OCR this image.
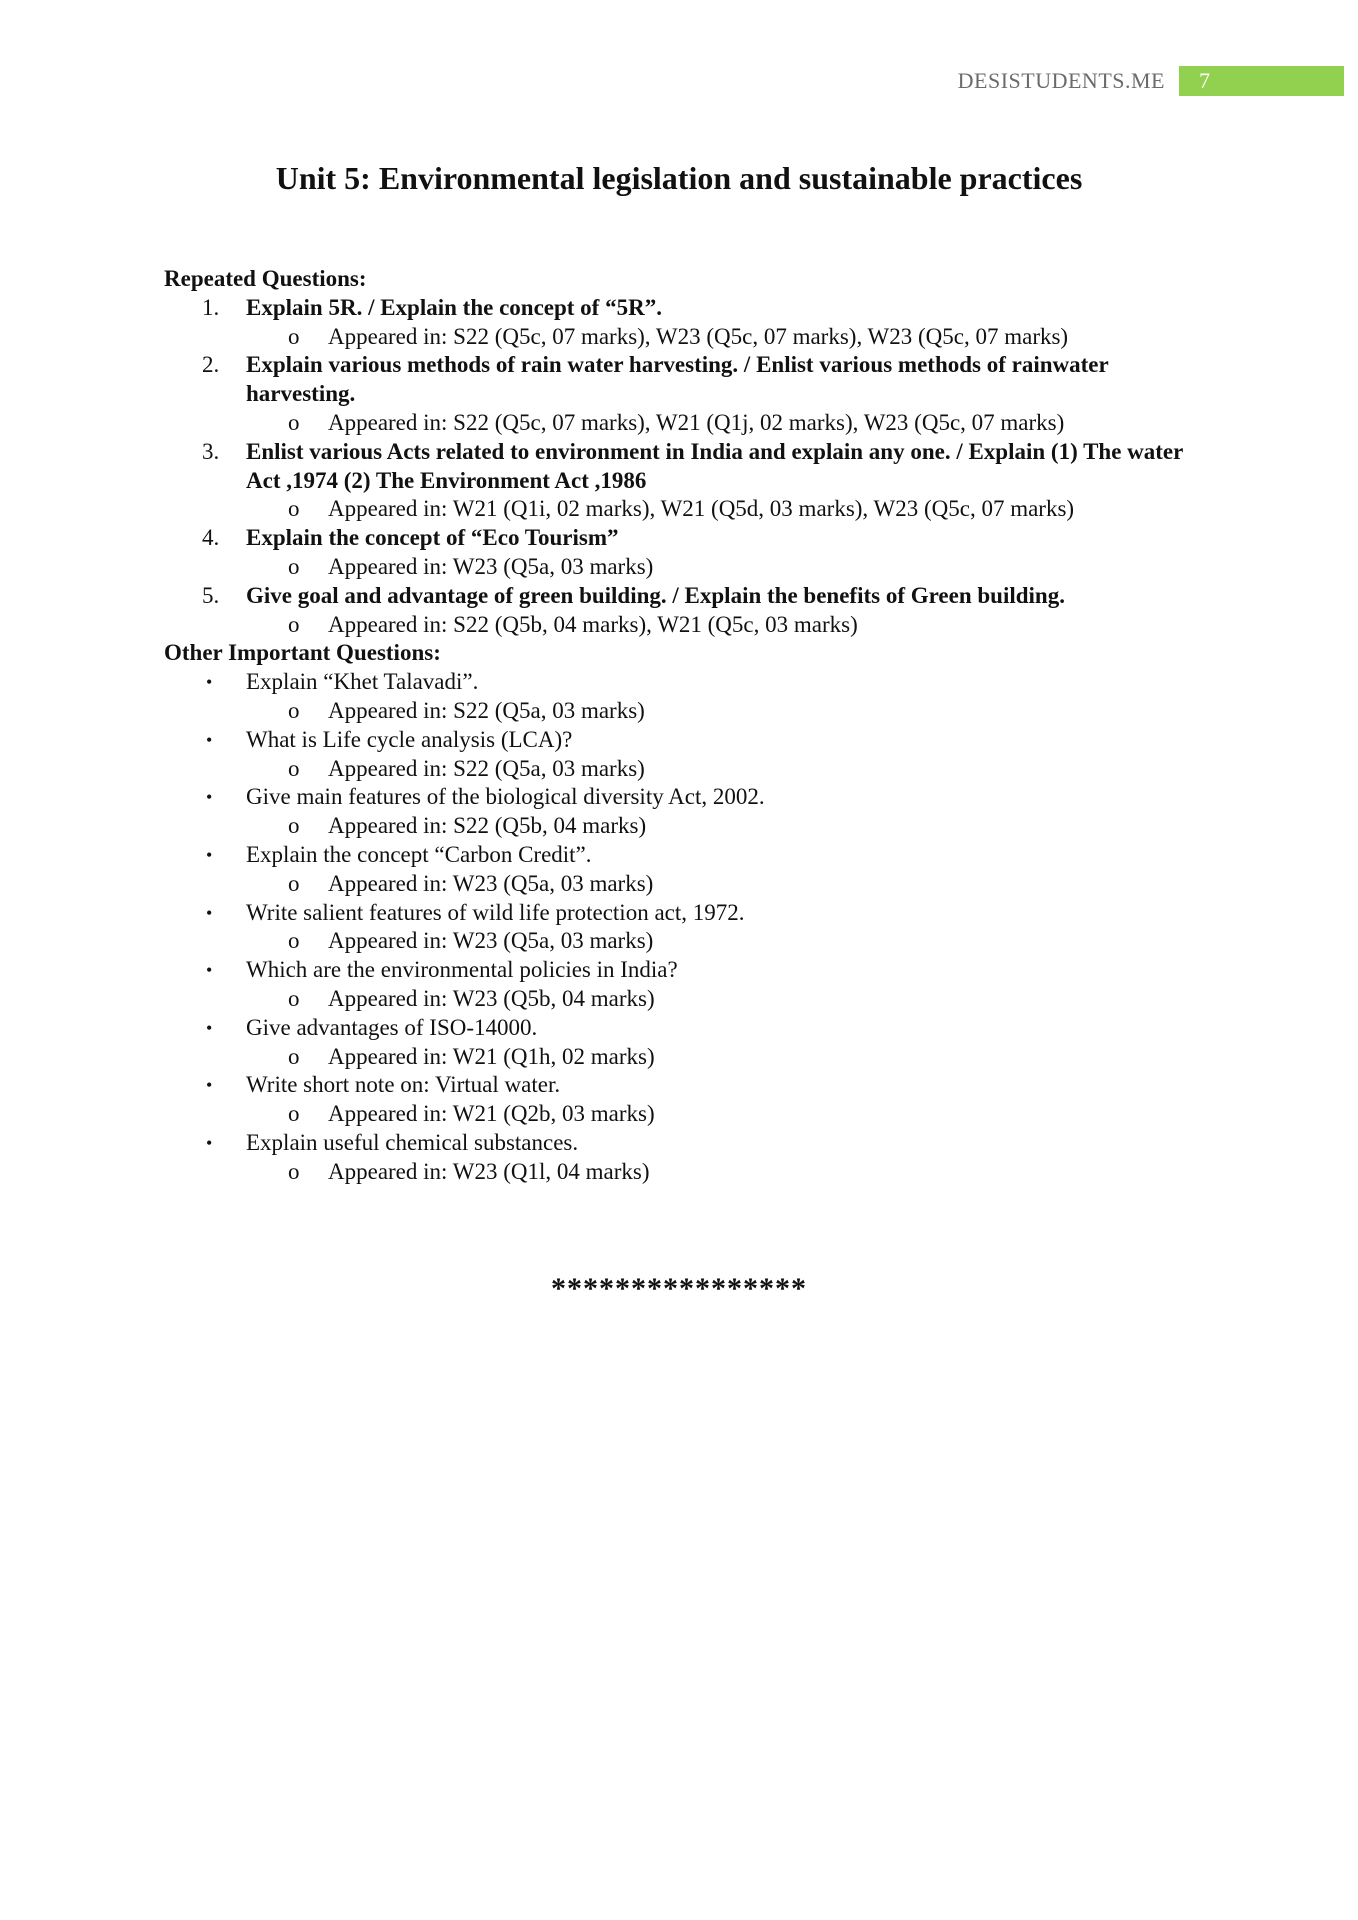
DESISTUDENTS.ME	7
Unit 5: Environmental legislation and sustainable practices
Repeated Questions:
1. Explain 5R. / Explain the concept of “5R”.
o Appeared in: S22 (Q5c, 07 marks), W23 (Q5c, 07 marks), W23 (Q5c, 07 marks)
2. Explain various methods of rain water harvesting. / Enlist various methods of rainwater harvesting.
o Appeared in: S22 (Q5c, 07 marks), W21 (Q1j, 02 marks), W23 (Q5c, 07 marks)
3. Enlist various Acts related to environment in India and explain any one. / Explain (1) The water Act ,1974 (2) The Environment Act ,1986
o Appeared in: W21 (Q1i, 02 marks), W21 (Q5d, 03 marks), W23 (Q5c, 07 marks)
4. Explain the concept of “Eco Tourism”
o Appeared in: W23 (Q5a, 03 marks)
5. Give goal and advantage of green building. / Explain the benefits of Green building.
o Appeared in: S22 (Q5b, 04 marks), W21 (Q5c, 03 marks)
Other Important Questions:
• Explain “Khet Talavadi”.
o Appeared in: S22 (Q5a, 03 marks)
• What is Life cycle analysis (LCA)?
o Appeared in: S22 (Q5a, 03 marks)
• Give main features of the biological diversity Act, 2002.
o Appeared in: S22 (Q5b, 04 marks)
• Explain the concept “Carbon Credit”.
o Appeared in: W23 (Q5a, 03 marks)
• Write salient features of wild life protection act, 1972.
o Appeared in: W23 (Q5a, 03 marks)
• Which are the environmental policies in India?
o Appeared in: W23 (Q5b, 04 marks)
• Give advantages of ISO-14000.
o Appeared in: W21 (Q1h, 02 marks)
• Write short note on: Virtual water.
o Appeared in: W21 (Q2b, 03 marks)
• Explain useful chemical substances.
o Appeared in: W23 (Q1l, 04 marks)
****************
